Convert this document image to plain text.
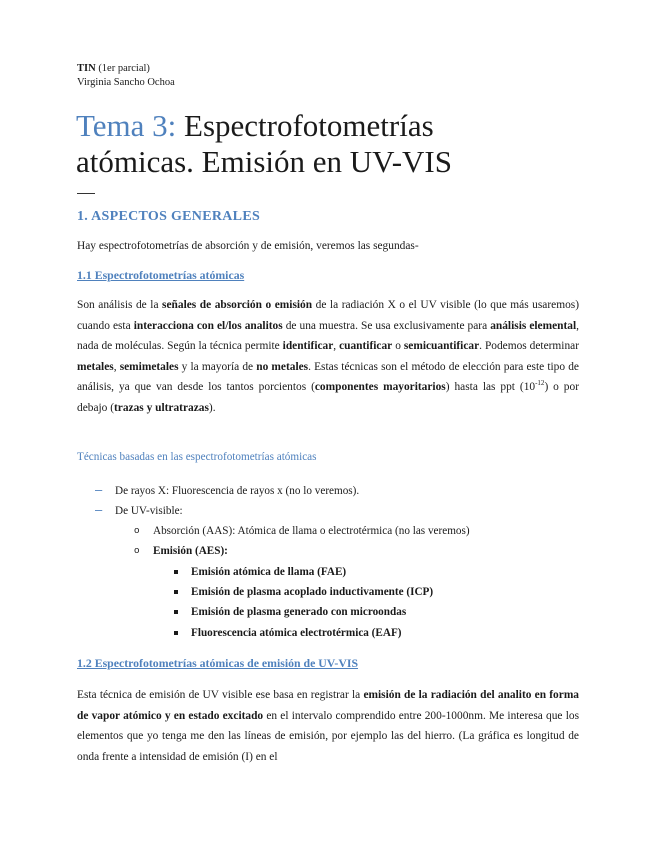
TIN (1er parcial)
Virginia Sancho Ochoa
Tema 3: Espectrofotometrías
atómicas. Emisión en UV-VIS
1. ASPECTOS GENERALES
Hay espectrofotometrías de absorción y de emisión, veremos las segundas-
1.1 Espectrofotometrías atómicas
Son análisis de la señales de absorción o emisión de la radiación X o el UV visible (lo que más usaremos) cuando esta interacciona con el/los analitos de una muestra. Se usa exclusivamente para análisis elemental, nada de moléculas. Según la técnica permite identificar, cuantificar o semicuantificar. Podemos determinar metales, semimetales y la mayoría de no metales. Estas técnicas son el método de elección para este tipo de análisis, ya que van desde los tantos porcientos (componentes mayoritarios) hasta las ppt $(10^{-12})$ o por debajo (trazas y ultratrazas).
Técnicas basadas en las espectrofotometrías atómicas
– De rayos X: Fluorescencia de rayos x (no lo veremos).
– De UV-visible:
o Absorción (AAS): Atómica de llama o electrotérmica (no las veremos)
o Emisión (AES):
Emisión atómica de llama (FAE)
Emisión de plasma acoplado inductivamente (ICP)
Emisión de plasma generado con microondas
Fluorescencia atómica electrotérmica (EAF)
1.2 Espectrofotometrías atómicas de emisión de UV-VIS
Esta técnica de emisión de UV visible ese basa en registrar la emisión de la radiación del analito en forma de vapor atómico y en estado excitado en el intervalo comprendido entre 200-1000nm. Me interesa que los elementos que yo tenga me den las líneas de emisión, por ejemplo las del hierro. (La gráfica es longitud de onda frente a intensidad de emisión (I) en el
